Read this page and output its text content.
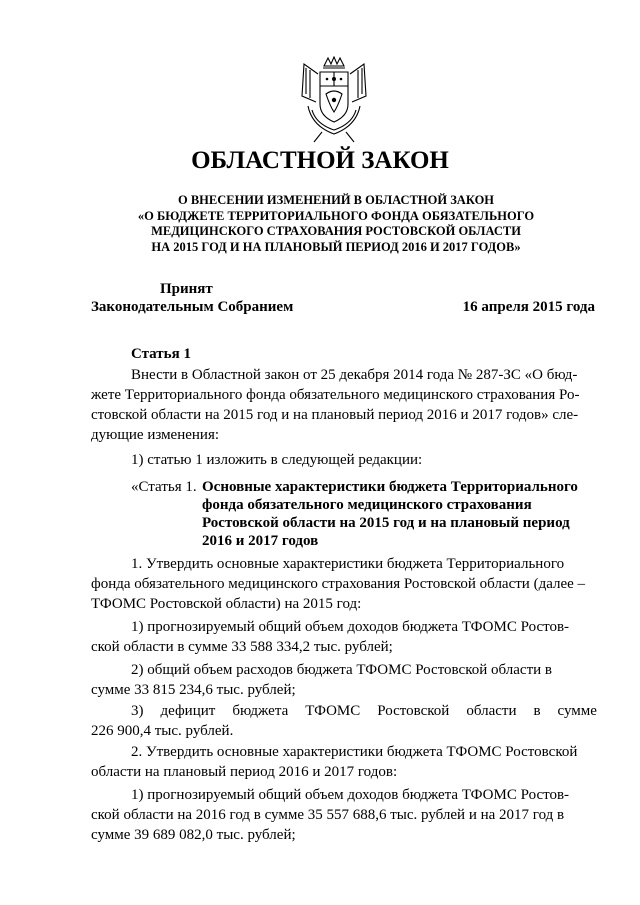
ОБЛАСТНОЙ ЗАКОН
О ВНЕСЕНИИ ИЗМЕНЕНИЙ В ОБЛАСТНОЙ ЗАКОН
«О БЮДЖЕТЕ ТЕРРИТОРИАЛЬНОГО ФОНДА ОБЯЗАТЕЛЬНОГО
МЕДИЦИНСКОГО СТРАХОВАНИЯ РОСТОВСКОЙ ОБЛАСТИ
НА 2015 ГОД И НА ПЛАНОВЫЙ ПЕРИОД 2016 И 2017 ГОДОВ»
Принят
Законодательным Собранием	16 апреля 2015 года
Статья 1
Внести в Областной закон от 25 декабря 2014 года № 287-ЗС «О бюд-
жете Территориального фонда обязательного медицинского страхования Ро-
стовской области на 2015 год и на плановый период 2016 и 2017 годов» сле-
дующие изменения:
1) статью 1 изложить в следующей редакции:
«Статья 1. Основные характеристики бюджета Территориального
фонда обязательного медицинского страхования
Ростовской области на 2015 год и на плановый период
2016 и 2017 годов
1. Утвердить основные характеристики бюджета Территориального
фонда обязательного медицинского страхования Ростовской области (далее –
ТФОМС Ростовской области) на 2015 год:
1) прогнозируемый общий объем доходов бюджета ТФОМС Ростов-
ской области в сумме 33 588 334,2 тыс. рублей;
2) общий объем расходов бюджета ТФОМС Ростовской области в
сумме 33 815 234,6 тыс. рублей;
3) дефицит бюджета ТФОМС Ростовской области в сумме
226 900,4 тыс. рублей.
2. Утвердить основные характеристики бюджета ТФОМС Ростовской
области на плановый период 2016 и 2017 годов:
1) прогнозируемый общий объем доходов бюджета ТФОМС Ростов-
ской области на 2016 год в сумме 35 557 688,6 тыс. рублей и на 2017 год в
сумме 39 689 082,0 тыс. рублей;
